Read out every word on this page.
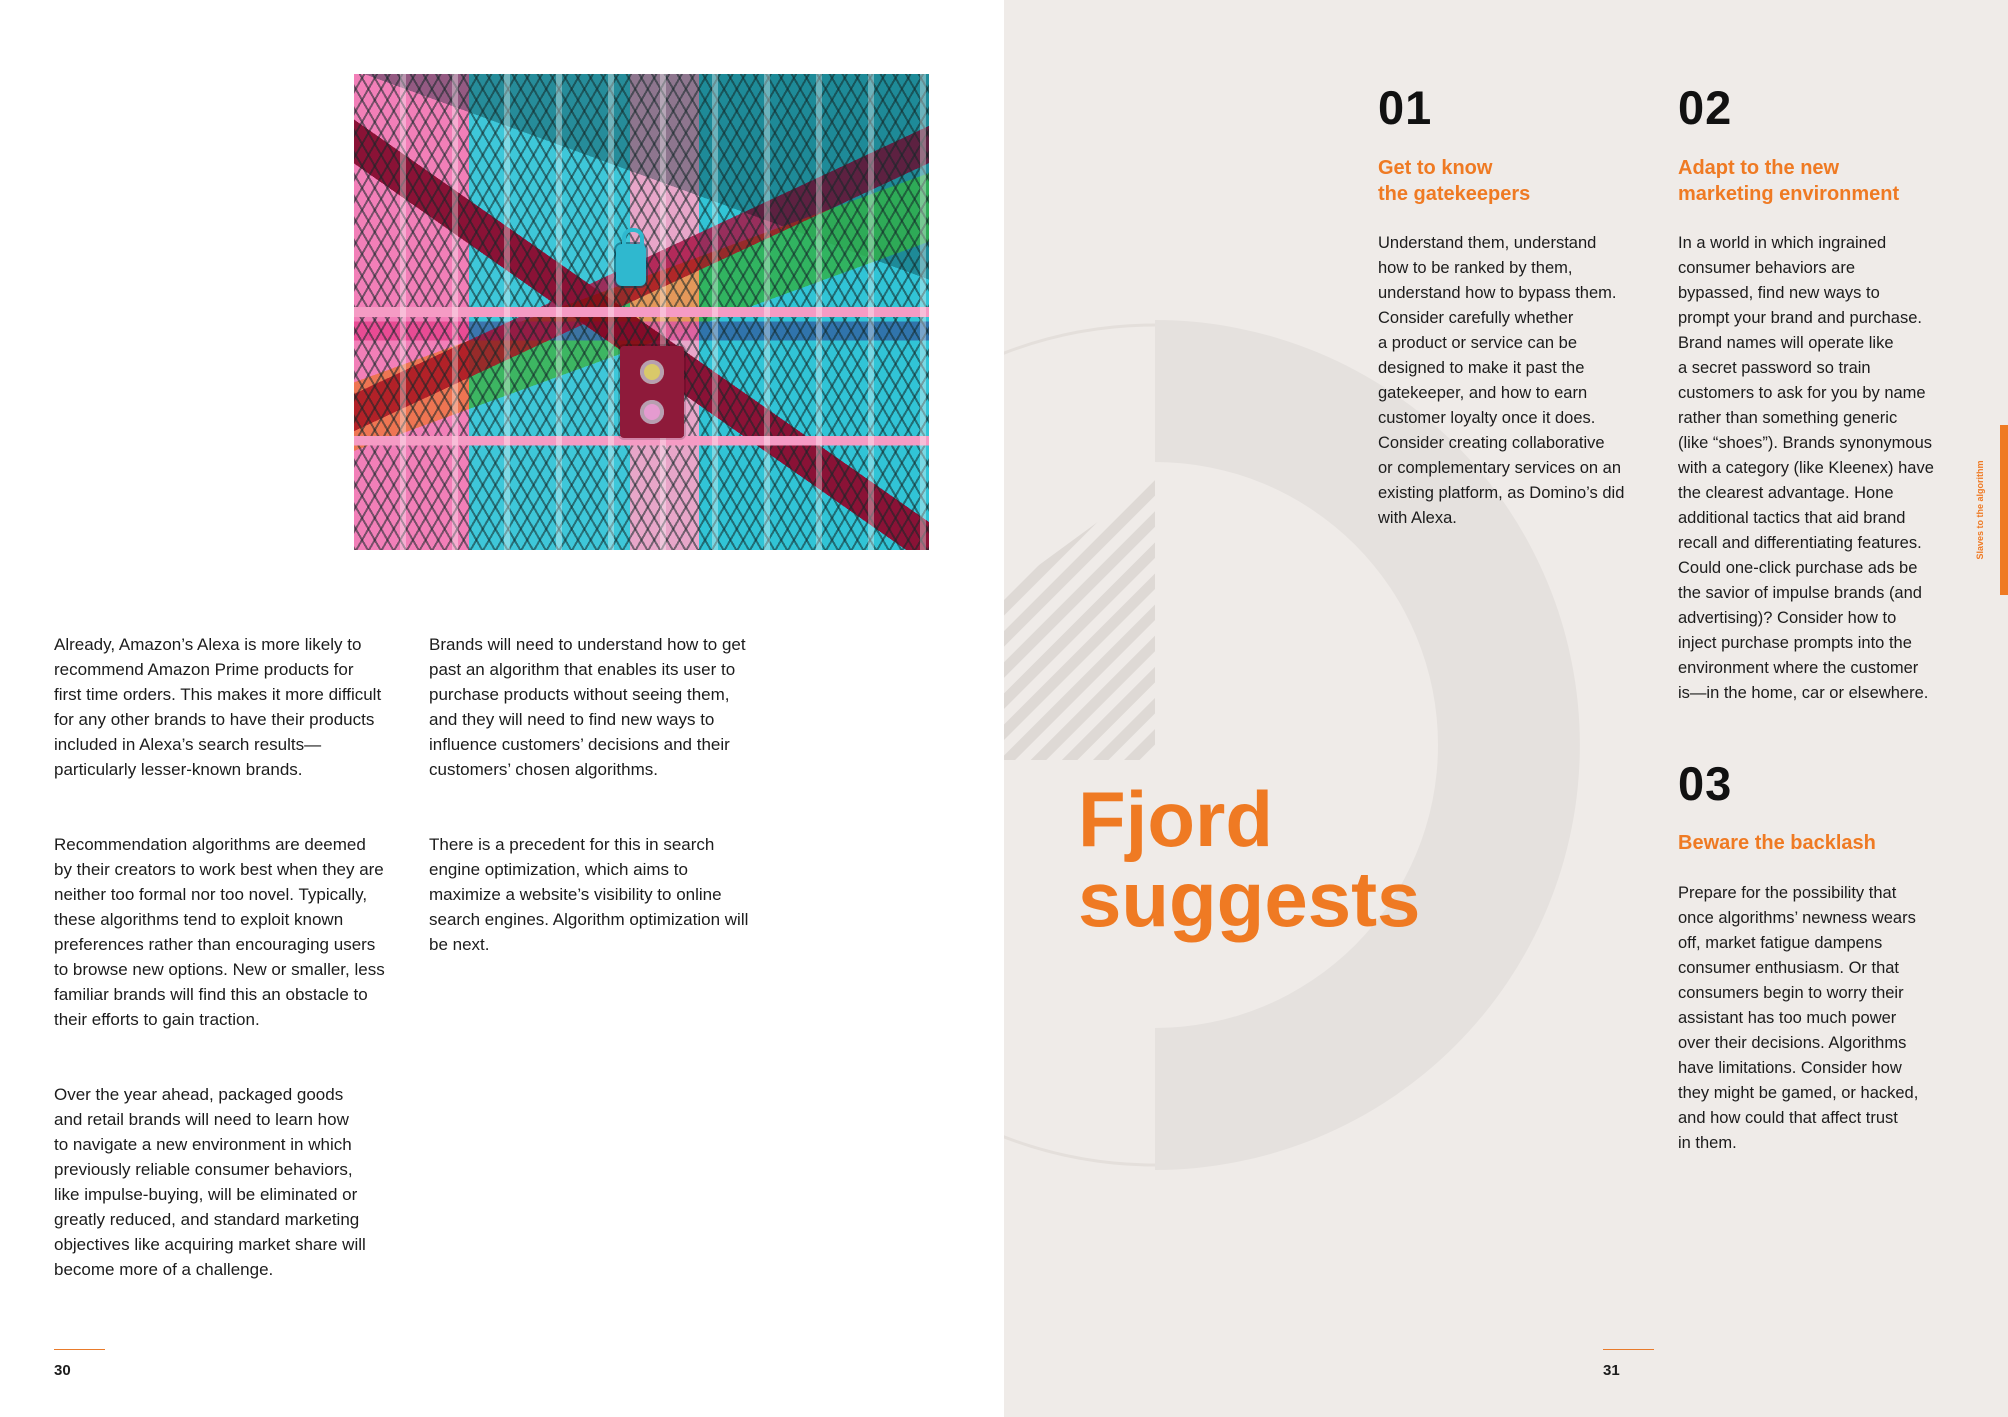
Already, Amazon’s Alexa is more likely to
recommend Amazon Prime products for
first time orders. This makes it more difficult
for any other brands to have their products
included in Alexa’s search results—
particularly lesser-known brands.

Recommendation algorithms are deemed
by their creators to work best when they are
neither too formal nor too novel. Typically,
these algorithms tend to exploit known
preferences rather than encouraging users
to browse new options. New or smaller, less
familiar brands will find this an obstacle to
their efforts to gain traction.

Over the year ahead, packaged goods
and retail brands will need to learn how
to navigate a new environment in which
previously reliable consumer behaviors,
like impulse-buying, will be eliminated or
greatly reduced, and standard marketing
objectives like acquiring market share will
become more of a challenge.

Brands will need to understand how to get
past an algorithm that enables its user to
purchase products without seeing them,
and they will need to find new ways to
influence customers’ decisions and their
customers’ chosen algorithms.

There is a precedent for this in search
engine optimization, which aims to
maximize a website’s visibility to online
search engines. Algorithm optimization will
be next.

30
Fjord
suggests
01
Get to know
the gatekeepers

Understand them, understand
how to be ranked by them,
understand how to bypass them.
Consider carefully whether
a product or service can be
designed to make it past the
gatekeeper, and how to earn
customer loyalty once it does.
Consider creating collaborative
or complementary services on an
existing platform, as Domino’s did
with Alexa.

02
Adapt to the new
marketing environment

In a world in which ingrained
consumer behaviors are
bypassed, find new ways to
prompt your brand and purchase.
Brand names will operate like
a secret password so train
customers to ask for you by name
rather than something generic
(like “shoes”). Brands synonymous
with a category (like Kleenex) have
the clearest advantage. Hone
additional tactics that aid brand
recall and differentiating features.
Could one-click purchase ads be
the savior of impulse brands (and
advertising)? Consider how to
inject purchase prompts into the
environment where the customer
is—in the home, car or elsewhere.

03
Beware the backlash

Prepare for the possibility that
once algorithms’ newness wears
off, market fatigue dampens
consumer enthusiasm. Or that
consumers begin to worry their
assistant has too much power
over their decisions. Algorithms
have limitations. Consider how
they might be gamed, or hacked,
and how could that affect trust
in them.

31
Slaves to the algorithm
